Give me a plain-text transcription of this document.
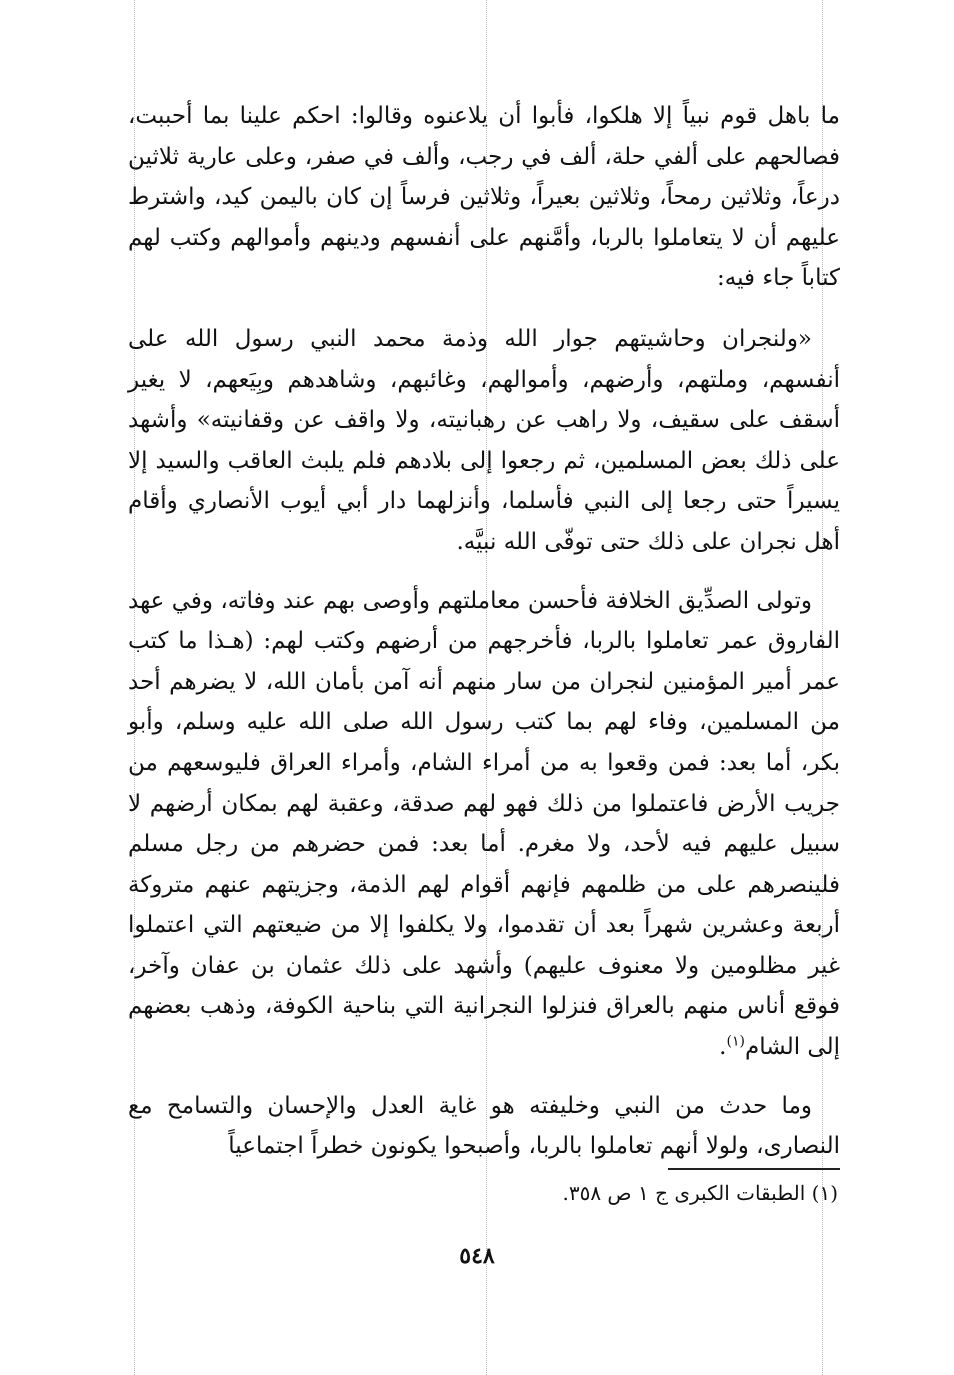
ما باهل قوم نبياً إلا هلكوا، فأبوا أن يلاعنوه وقالوا: احكم علينا بما أحببت، فصالحهم على ألفي حلة، ألف في رجب، وألف في صفر، وعلى عارية ثلاثين درعاً، وثلاثين رمحاً، وثلاثين بعيراً، وثلاثين فرساً إن كان باليمن كيد، واشترط عليهم أن لا يتعاملوا بالربا، وأمَّنهم على أنفسهم ودينهم وأموالهم وكتب لهم كتاباً جاء فيه:

«ولنجران وحاشيتهم جوار الله وذمة محمد النبي رسول الله على أنفسهم، وملتهم، وأرضهم، وأموالهم، وغائبهم، وشاهدهم وبِيَعهم، لا يغير أسقف على سقيف، ولا راهب عن رهبانيته، ولا واقف عن وقفانيته» وأشهد على ذلك بعض المسلمين، ثم رجعوا إلى بلادهم فلم يلبث العاقب والسيد إلا يسيراً حتى رجعا إلى النبي فأسلما، وأنزلهما دار أبي أيوب الأنصاري وأقام أهل نجران على ذلك حتى توفّى الله نبيَّه.

وتولى الصدِّيق الخلافة فأحسن معاملتهم وأوصى بهم عند وفاته، وفي عهد الفاروق عمر تعاملوا بالربا، فأخرجهم من أرضهم وكتب لهم: (هـذا ما كتب عمر أمير المؤمنين لنجران من سار منهم أنه آمن بأمان الله، لا يضرهم أحد من المسلمين، وفاء لهم بما كتب رسول الله صلى الله عليه وسلم، وأبو بكر، أما بعد: فمن وقعوا به من أمراء الشام، وأمراء العراق فليوسعهم من جريب الأرض فاعتملوا من ذلك فهو لهم صدقة، وعقبة لهم بمكان أرضهم لا سبيل عليهم فيه لأحد، ولا مغرم. أما بعد: فمن حضرهم من رجل مسلم فلينصرهم على من ظلمهم فإنهم أقوام لهم الذمة، وجزيتهم عنهم متروكة أربعة وعشرين شهراً بعد أن تقدموا، ولا يكلفوا إلا من ضيعتهم التي اعتملوا غير مظلومين ولا معنوف عليهم) وأشهد على ذلك عثمان بن عفان وآخر، فوقع أناس منهم بالعراق فنزلوا النجرانية التي بناحية الكوفة، وذهب بعضهم إلى الشام$^{(١)}$.

وما حدث من النبي وخليفته هو غاية العدل والإحسان والتسامح مع النصارى، ولولا أنهم تعاملوا بالربا، وأصبحوا يكونون خطراً اجتماعياً

(١) الطبقات الكبرى ج ١ ص ٣٥٨.
٥٤٨
